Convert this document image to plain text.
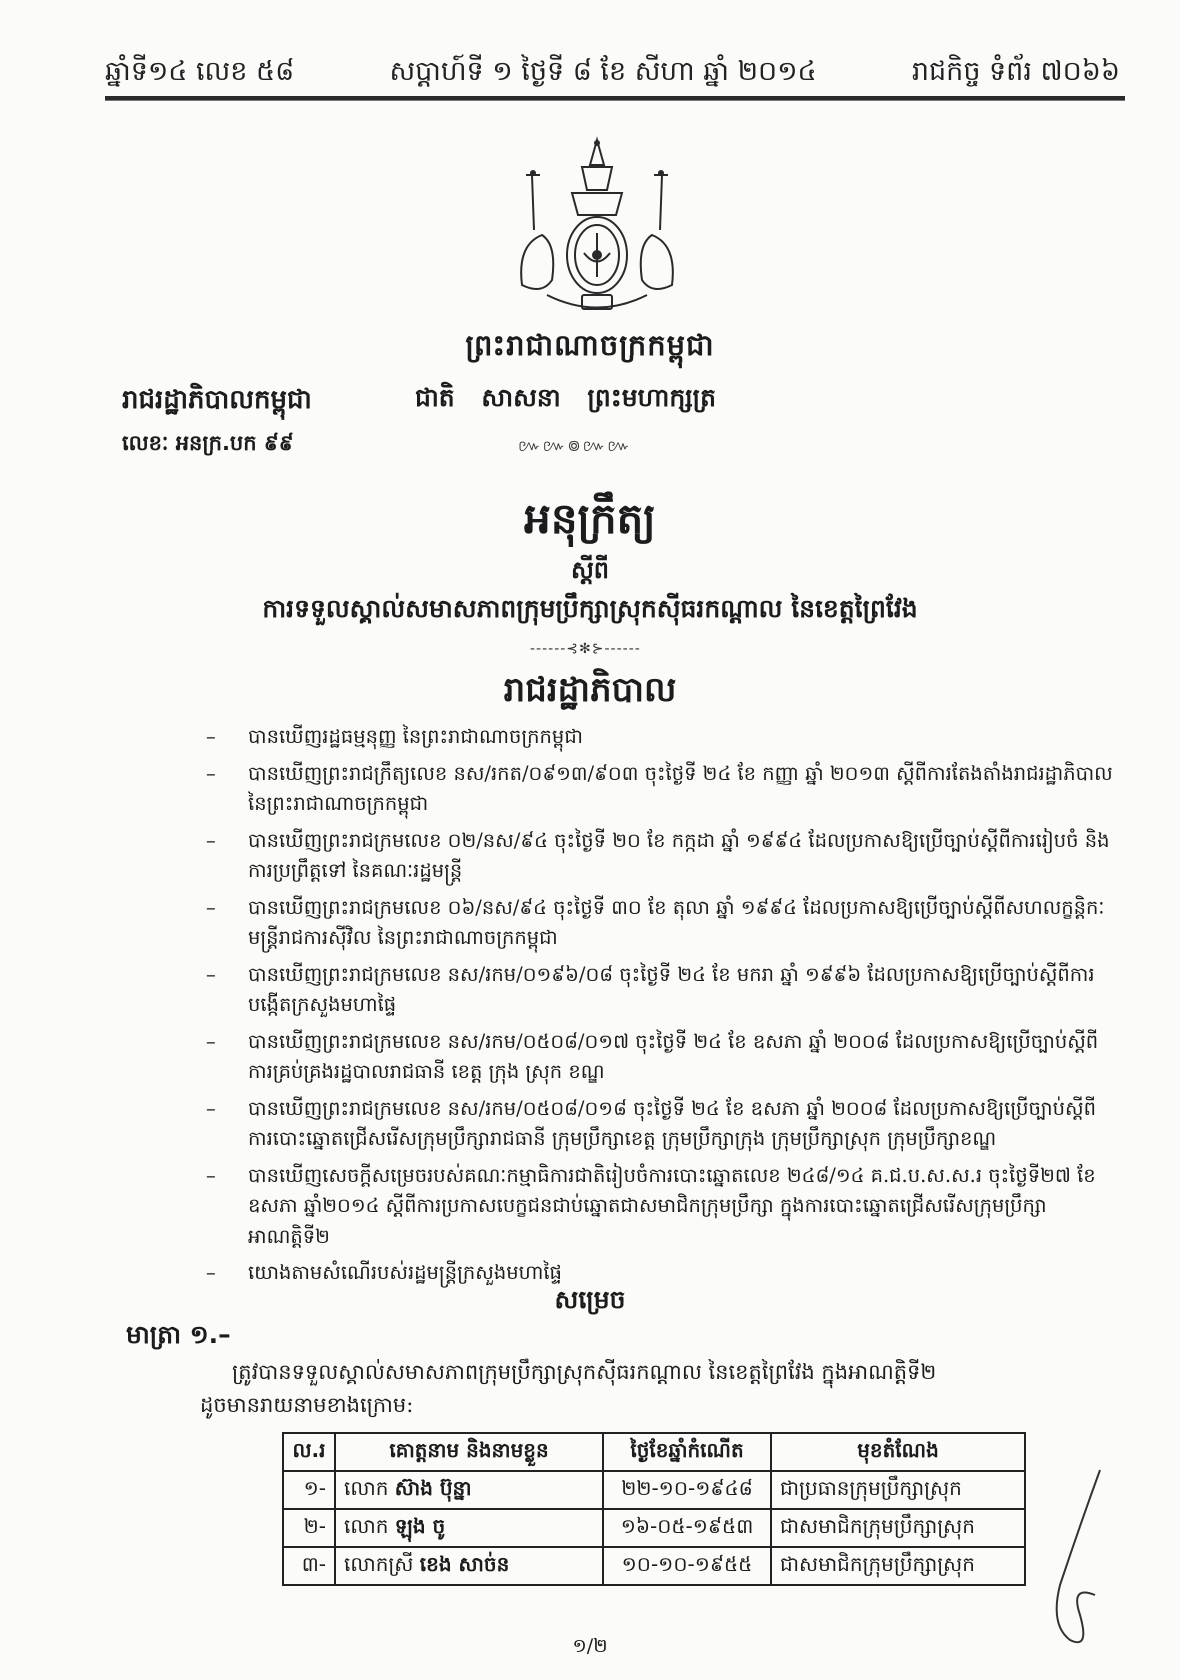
ឆ្នាំទី១៤ លេខ ៥៨	សប្ដាហ៍ទី ១ ថ្ងៃទី ៨ ខែ សីហា ឆ្នាំ ២០១៤	រាជកិច្ច ទំព័រ ៧០៦៦
ព្រះរាជាណាចក្រកម្ពុជា
រាជរដ្ឋាភិបាលកម្ពុជា	ជាតិ សាសនា ព្រះមហាក្សត្រ
លេខៈ អនក្រ.បក ៩៩	៚៚៙៚៚
អនុក្រឹត្យ
ស្ដីពី
ការទទួលស្គាល់សមាសភាពក្រុមប្រឹក្សាស្រុកស៊ីធរកណ្ដាល នៃខេត្តព្រៃវែង
------⊰✻⊱------
រាជរដ្ឋាភិបាល
– បានឃើញរដ្ឋធម្មនុញ្ញ នៃព្រះរាជាណាចក្រកម្ពុជា
– បានឃើញព្រះរាជក្រឹត្យលេខ នស/រកត/០៩១៣/៩០៣ ចុះថ្ងៃទី ២៤ ខែ កញ្ញា ឆ្នាំ ២០១៣ ស្ដីពីការតែងតាំងរាជរដ្ឋាភិបាល នៃព្រះរាជាណាចក្រកម្ពុជា
– បានឃើញព្រះរាជក្រមលេខ ០២/នស/៩៤ ចុះថ្ងៃទី ២០ ខែ កក្កដា ឆ្នាំ ១៩៩៤ ដែលប្រកាសឱ្យប្រើច្បាប់ស្ដីពីការរៀបចំ និងការប្រព្រឹត្តទៅ នៃគណៈរដ្ឋមន្ត្រី
– បានឃើញព្រះរាជក្រមលេខ ០៦/នស/៩៤ ចុះថ្ងៃទី ៣០ ខែ តុលា ឆ្នាំ ១៩៩៤ ដែលប្រកាសឱ្យប្រើច្បាប់ស្ដីពីសហលក្ខន្តិកៈមន្ត្រីរាជការស៊ីវិល នៃព្រះរាជាណាចក្រកម្ពុជា
– បានឃើញព្រះរាជក្រមលេខ នស/រកម/០១៩៦/០៨ ចុះថ្ងៃទី ២៤ ខែ មករា ឆ្នាំ ១៩៩៦ ដែលប្រកាសឱ្យប្រើច្បាប់ស្ដីពីការបង្កើតក្រសួងមហាផ្ទៃ
– បានឃើញព្រះរាជក្រមលេខ នស/រកម/០៥០៨/០១៧ ចុះថ្ងៃទី ២៤ ខែ ឧសភា ឆ្នាំ ២០០៨ ដែលប្រកាសឱ្យប្រើច្បាប់ស្ដីពីការគ្រប់គ្រងរដ្ឋបាលរាជធានី ខេត្ត ក្រុង ស្រុក ខណ្ឌ
– បានឃើញព្រះរាជក្រមលេខ នស/រកម/០៥០៨/០១៨ ចុះថ្ងៃទី ២៤ ខែ ឧសភា ឆ្នាំ ២០០៨ ដែលប្រកាសឱ្យប្រើច្បាប់ស្ដីពីការបោះឆ្នោតជ្រើសរើសក្រុមប្រឹក្សារាជធានី ក្រុមប្រឹក្សាខេត្ត ក្រុមប្រឹក្សាក្រុង ក្រុមប្រឹក្សាស្រុក ក្រុមប្រឹក្សាខណ្ឌ
– បានឃើញសេចក្ដីសម្រេចរបស់គណៈកម្មាធិការជាតិរៀបចំការបោះឆ្នោតលេខ ២៤៨/១៤ គ.ជ.ប.ស.ស.រ ចុះថ្ងៃទី២៧ ខែឧសភា ឆ្នាំ២០១៤ ស្ដីពីការប្រកាសបេក្ខជនជាប់ឆ្នោតជាសមាជិកក្រុមប្រឹក្សា ក្នុងការបោះឆ្នោតជ្រើសរើសក្រុមប្រឹក្សា អាណត្តិទី២
– យោងតាមសំណើរបស់រដ្ឋមន្ត្រីក្រសួងមហាផ្ទៃ
សម្រេច
មាត្រា ១.–
ត្រូវបានទទួលស្គាល់សមាសភាពក្រុមប្រឹក្សាស្រុកស៊ីធរកណ្ដាល នៃខេត្តព្រៃវែង ក្នុងអាណត្តិទី២
ដូចមានរាយនាមខាងក្រោម:
ល.រ	គោត្តនាម និងនាមខ្លួន	ថ្ងៃខែឆ្នាំកំណើត	មុខតំណែង
១-	លោក ស៊ាង ប៊ុន្នា	២២-១០-១៩៤៨	ជាប្រធានក្រុមប្រឹក្សាស្រុក
២-	លោក ឡុង ចូ	១៦-០៥-១៩៥៣	ជាសមាជិកក្រុមប្រឹក្សាស្រុក
៣-	លោកស្រី ខេង សាច់ន	១០-១០-១៩៥៥	ជាសមាជិកក្រុមប្រឹក្សាស្រុក
១/២
